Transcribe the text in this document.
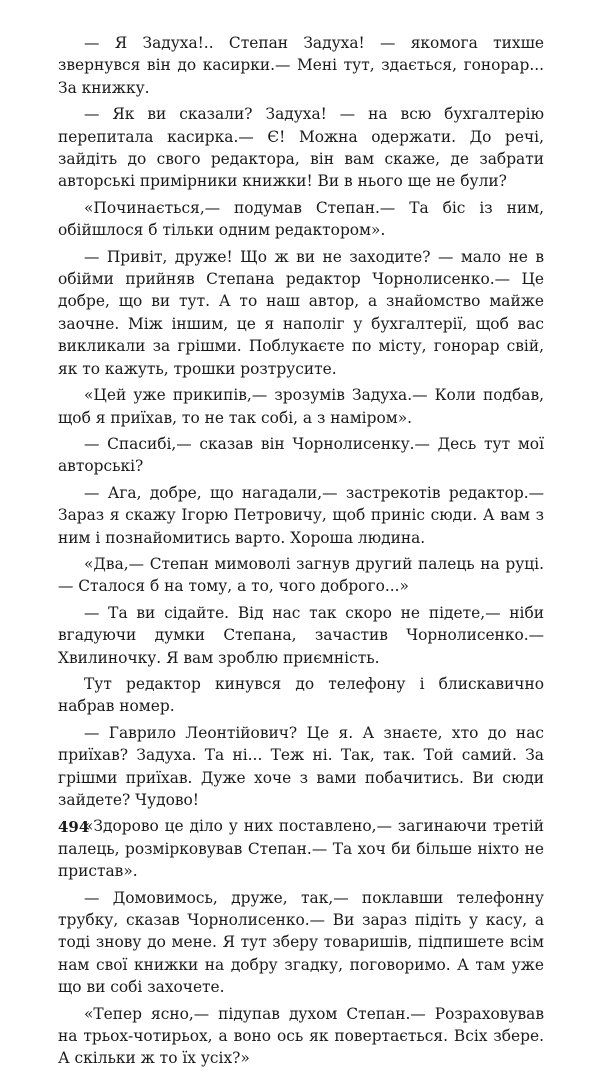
— Я Задуха!.. Степан Задуха! — якомога тихше звернувся він до касирки.— Мені тут, здається, гонорар... За книжку.

— Як ви сказали? Задуха! — на всю бухгалтерію перепитала касирка.— Є! Можна одержати. До речі, зайдіть до свого редактора, він вам скаже, де забрати авторські примірники книжки! Ви в нього ще не були?

«Починається,— подумав Степан.— Та біс із ним, обійшлося б тільки одним редактором».

— Привіт, друже! Що ж ви не заходите? — мало не в обійми прийняв Степана редактор Чорнолисенко.— Це добре, що ви тут. А то наш автор, а знайомство майже заочне. Між іншим, це я наполіг у бухгалтерії, щоб вас викликали за грішми. Поблукаєте по місту, гонорар свій, як то кажуть, трошки розтрусите.

«Цей уже прикипів,— зрозумів Задуха.— Коли подбав, щоб я приїхав, то не так собі, а з наміром».

— Спасибі,— сказав він Чорнолисенку.— Десь тут мої авторські?

— Ага, добре, що нагадали,— застрекотів редактор.— Зараз я скажу Ігорю Петровичу, щоб приніс сюди. А вам з ним і познайомитись варто. Хороша людина.

«Два,— Степан мимоволі загнув другий палець на руці.— Сталося б на тому, а то, чого доброго...»

— Та ви сідайте. Від нас так скоро не підете,— ніби вгадуючи думки Степана, зачастив Чорнолисенко.— Хвилиночку. Я вам зроблю приємність.

Тут редактор кинувся до телефону і блискавично набрав номер.

— Гаврило Леонтійович? Це я. А знаєте, хто до нас приїхав? Задуха. Та ні... Теж ні. Так, так. Той самий. За грішми приїхав. Дуже хоче з вами побачитись. Ви сюди зайдете? Чудово!

«Здорово це діло у них поставлено,— загинаючи третій палець, розмірковував Степан.— Та хоч би більше ніхто не пристав».

— Домовимось, друже, так,— поклавши телефонну трубку, сказав Чорнолисенко.— Ви зараз підіть у касу, а тоді знову до мене. Я тут зберу товаришів, підпишете всім нам свої книжки на добру згадку, поговоримо. А там уже що ви собі захочете.

«Тепер ясно,— підупав духом Степан.— Розраховував на трьох-чотирьох, а воно ось як повертається. Всіх збере. А скільки ж то їх усіх?»

494
